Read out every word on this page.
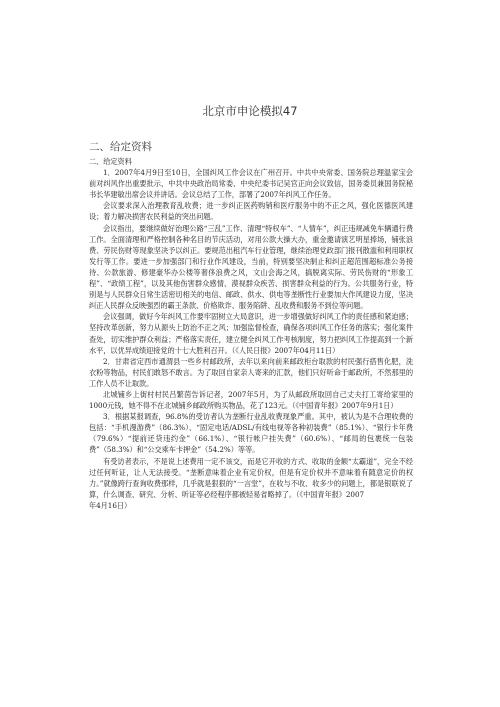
北京市申论模拟47
二、给定资料

二、给定资料

1．2007年4月9日至10日，全国纠风工作会议在广州召开。中共中央常委、国务院总理温家宝会前对纠风作出重要批示，中共中央政治局常委、中央纪委书记吴官正向会议致信，国务委员兼国务院秘书长华建敏出席会议并讲话。会议总结了工作，部署了2007年纠风工作任务。

会议要求深入治理教育乱收费；进一步纠正医药购销和医疗服务中的不正之风，强化医德医风建设；着力解决损害农民利益的突出问题。

会议指出，要继续做好治理公路“三乱”工作、清理“特权车”、“人情车”，纠正违规减免车辆通行费工作。全面清理和严格控制各种名目的节庆活动，对用公款大操大办，重金邀请演艺明星捧场，铺张浪费、劳民伤财等现象坚决予以纠正。要规范出租汽车行业管理，继续治理党政部门报刊散滥和利用职权发行等工作。要进一步加强部门和行业作风建设，当前，特别要坚决制止和纠正超范围超标准公务接待、公款旅游、修建豪华办公楼等奢侈浪费之风，文山会海之风，搞脱离实际、劳民伤财的“形象工程”、“政绩工程”，以及其他伤害群众感情、漠视群众疾苦、损害群众利益的行为。公共服务行业，特别是与人民群众日常生活密切相关的电信、邮政、供水、供电等垄断性行业要加大作风建设力度，坚决纠正人民群众反映强烈的霸王条款、价格欺诈、服务陷阱、乱收费和服务不到位等问题。

会议强调，做好今年纠风工作要牢固树立大局意识，进一步增强做好纠风工作的责任感和紧迫感；坚持改革创新，努力从源头上防治不正之风；加强监督检查，确保各项纠风工作任务的落实；强化案件查处，切实维护群众利益；严格落实责任，建立健全纠风工作考核制度，努力把纠风工作提高到一个新水平，以优异成绩迎接党的十七大胜利召开。（《人民日报》2007年04月11日）

2．甘肃省定西市通渭县一些乡村邮政所，去年以来向前来邮政柜台取款的村民强行搭售化肥，洗衣粉等物品，村民们敢怒不敢言。为了取回自家亲人寄来的汇款，他们只好听命于邮政所，不然那里的工作人员不让取款。

北城铺乡上街村村民吕繁茵告诉记者，2007年5月，为了从邮政所取回自己丈夫打工寄给家里的1000元钱，她不得不在北城铺乡邮政所购买物品，花了123元。（《中国青年报》2007年9月1日）

3．根据某报调查，96.8%的受访者认为垄断行业乱收费现象严重。其中，被认为是不合理收费的包括：“手机漫游费”（86.3%）、“固定电话/ADSL/有线电视等各种初装费”（85.1%）、“银行卡年费（79.6%）“提前还贷违约金”（66.1%）、“银行帐户挂失费”（60.6%）、“邮局的包裹统一包装费”（58.3%）和“公交乘车卡押金”（54.2%）等等。

有受访者表示，不是说上述费用一定不该交，而是它开收的方式、收取的金额“太霸道”，完全不经过任何听证，让人无法接受。“垄断意味着企业有定价权，但是有定价权并不意味着有随意定价的权力。”就像跨行查询收费那样，几乎就是狠狠的“一言堂”，在收与不收、收多少的问题上，都是银联说了算，什么调查、研究、分析、听证等必经程序都被轻易省略掉了。（《中国青年报》2007

年4月16日）
